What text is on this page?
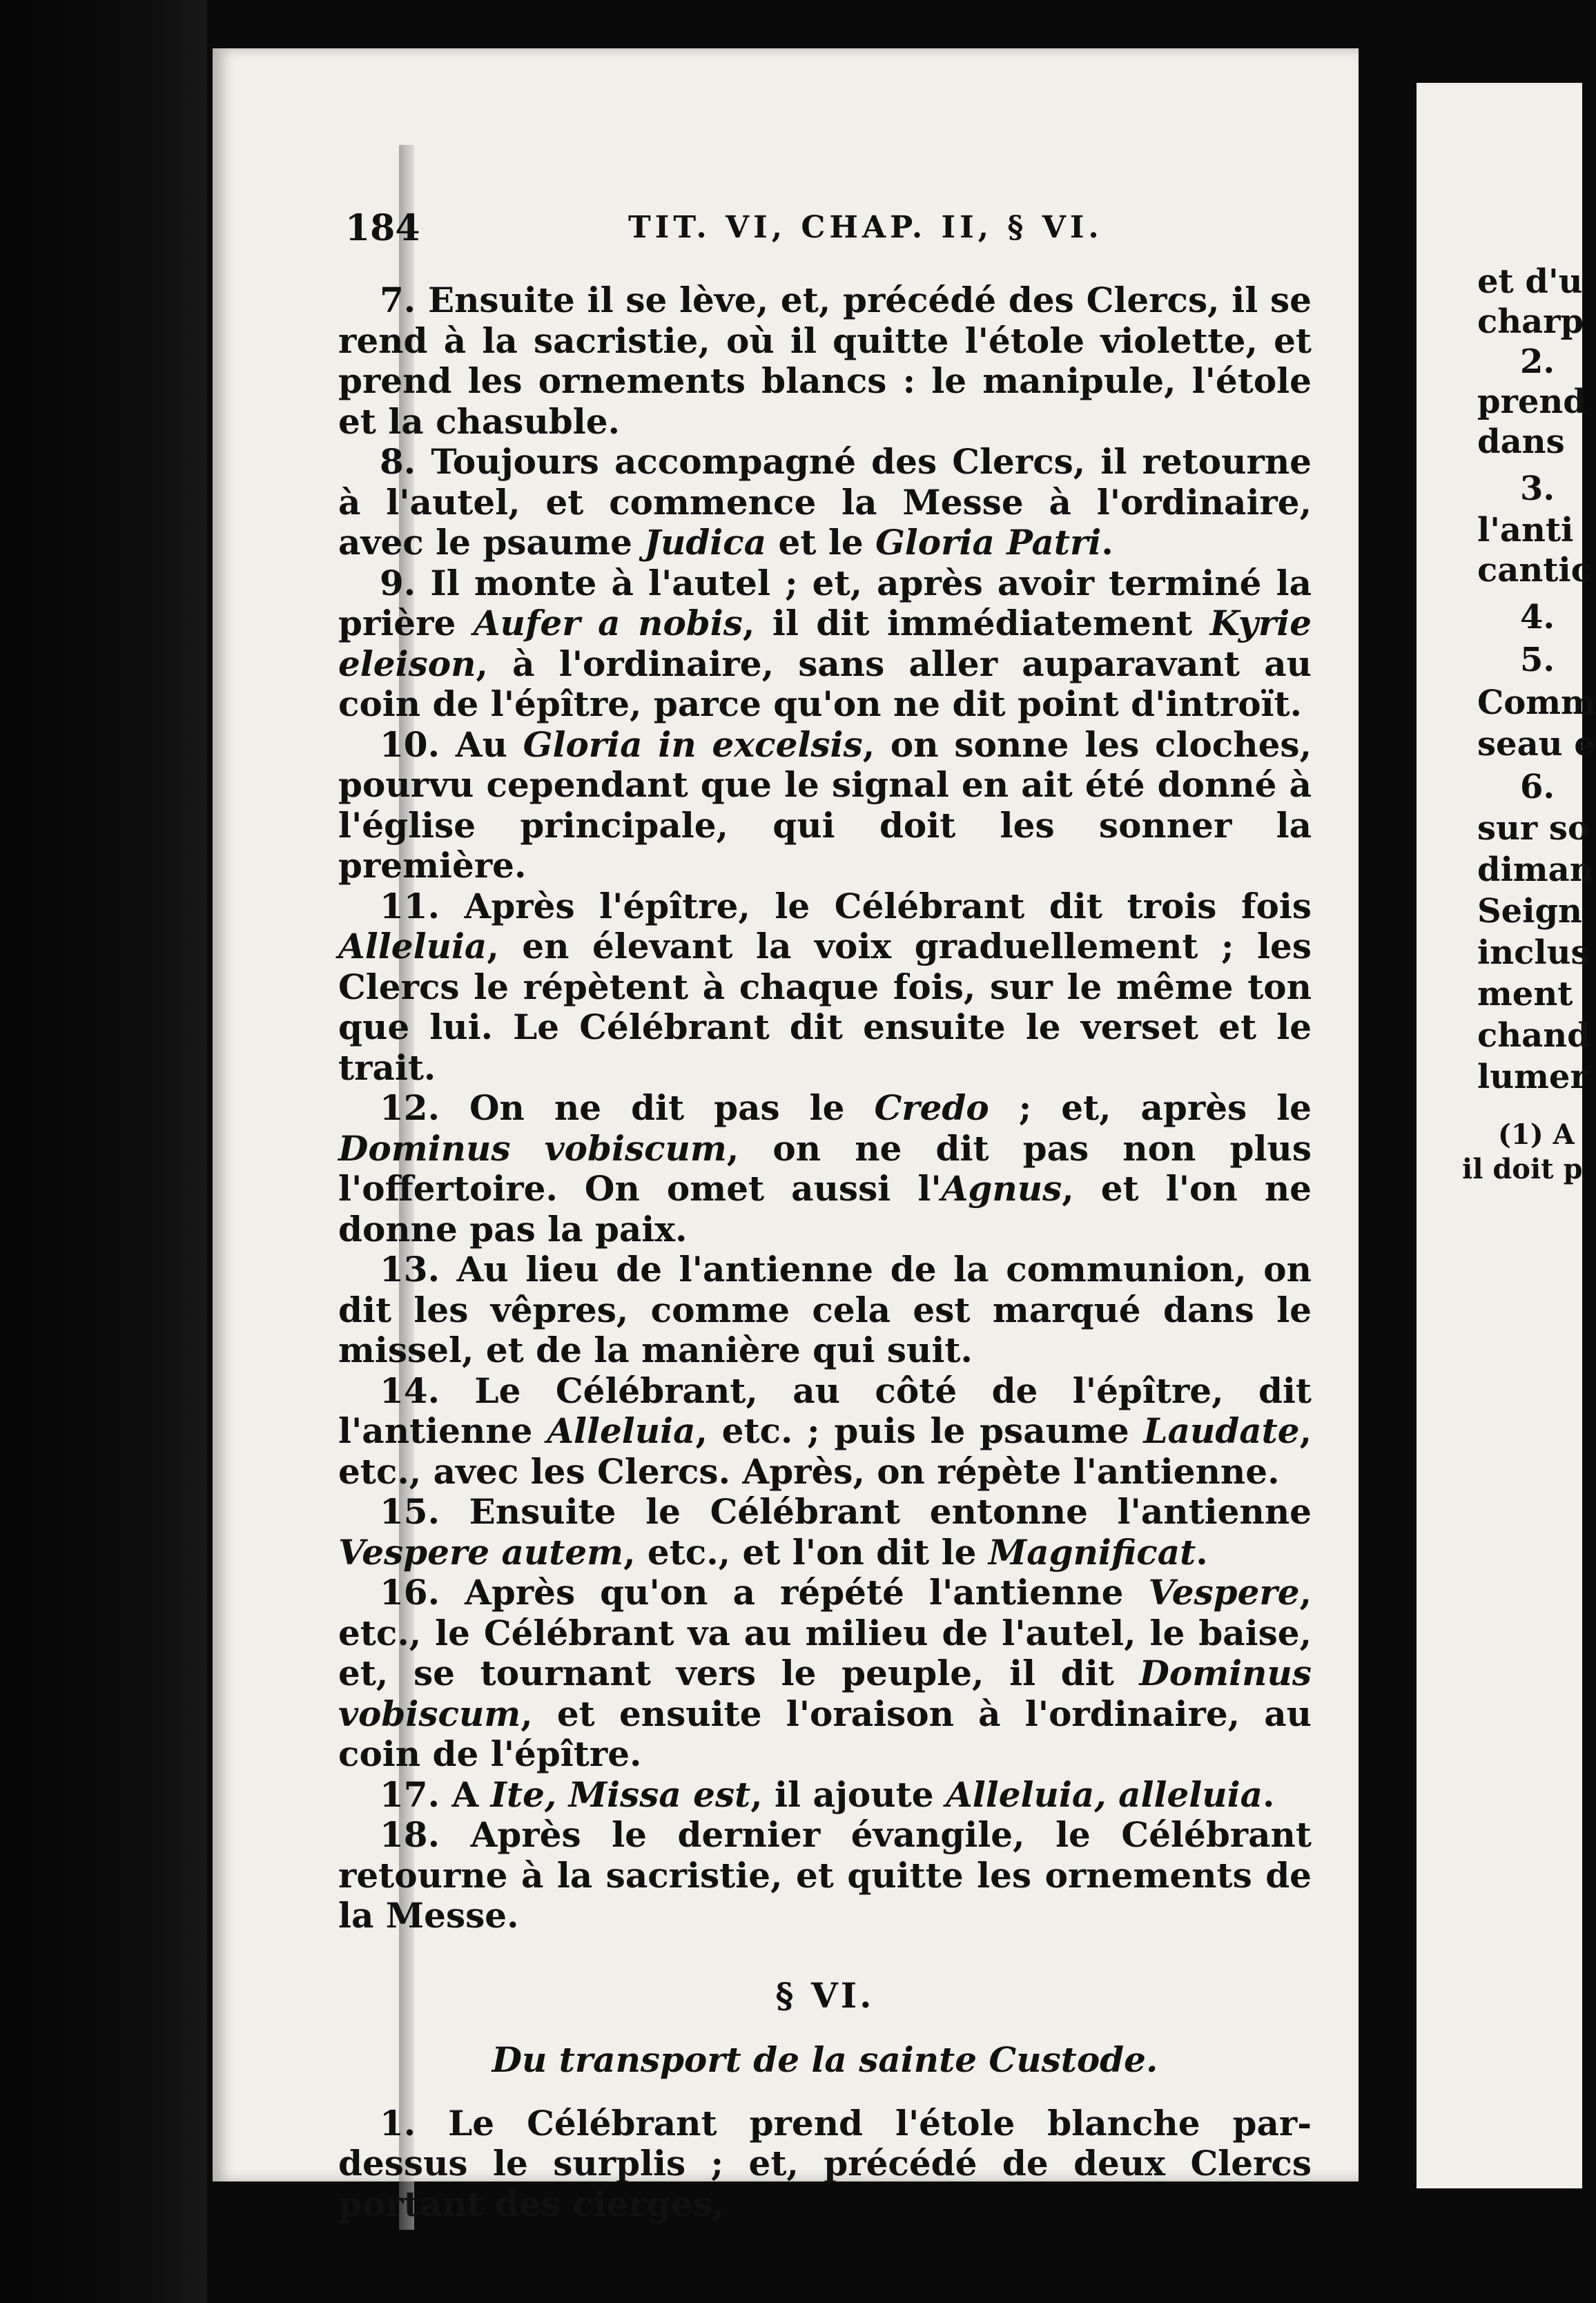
et d'u
charp
2.
prend
dans
3.
l'anti
cantic
4.
5.
Comm
seau e
6.
sur so
diman
Seign
inclus
ment
chand
lumer
(1) A
il doit p
184	TIT. VI, CHAP. II, § VI.

7. Ensuite il se lève, et, précédé des Clercs, il se rend à la sacristie, où il quitte l'étole violette, et prend les ornements blancs : le manipule, l'étole et la chasuble.

8. Toujours accompagné des Clercs, il retourne à l'autel, et commence la Messe à l'ordinaire, avec le psaume Judica et le Gloria Patri.

9. Il monte à l'autel ; et, après avoir terminé la prière Aufer a nobis, il dit immédiatement Kyrie eleison, à l'ordinaire, sans aller auparavant au coin de l'épître, parce qu'on ne dit point d'introït.

10. Au Gloria in excelsis, on sonne les cloches, pourvu cependant que le signal en ait été donné à l'église principale, qui doit les sonner la première.

11. Après l'épître, le Célébrant dit trois fois Alleluia, en élevant la voix graduellement ; les Clercs le répètent à chaque fois, sur le même ton que lui. Le Célébrant dit ensuite le verset et le trait.

12. On ne dit pas le Credo ; et, après le Dominus vobiscum, on ne dit pas non plus l'offertoire. On omet aussi l'Agnus, et l'on ne donne pas la paix.

13. Au lieu de l'antienne de la communion, on dit les vêpres, comme cela est marqué dans le missel, et de la manière qui suit.

14. Le Célébrant, au côté de l'épître, dit l'antienne Alleluia, etc. ; puis le psaume Laudate, etc., avec les Clercs. Après, on répète l'antienne.

15. Ensuite le Célébrant entonne l'antienne Vespere autem, etc., et l'on dit le Magnificat.

16. Après qu'on a répété l'antienne Vespere, etc., le Célébrant va au milieu de l'autel, le baise, et, se tournant vers le peuple, il dit Dominus vobiscum, et ensuite l'oraison à l'ordinaire, au coin de l'épître.

17. A Ite, Missa est, il ajoute Alleluia, alleluia.

18. Après le dernier évangile, le Célébrant retourne à la sacristie, et quitte les ornements de la Messe.

§ VI.
Du transport de la sainte Custode.

1. Le Célébrant prend l'étole blanche par-dessus le surplis ; et, précédé de deux Clercs portant des cierges,
